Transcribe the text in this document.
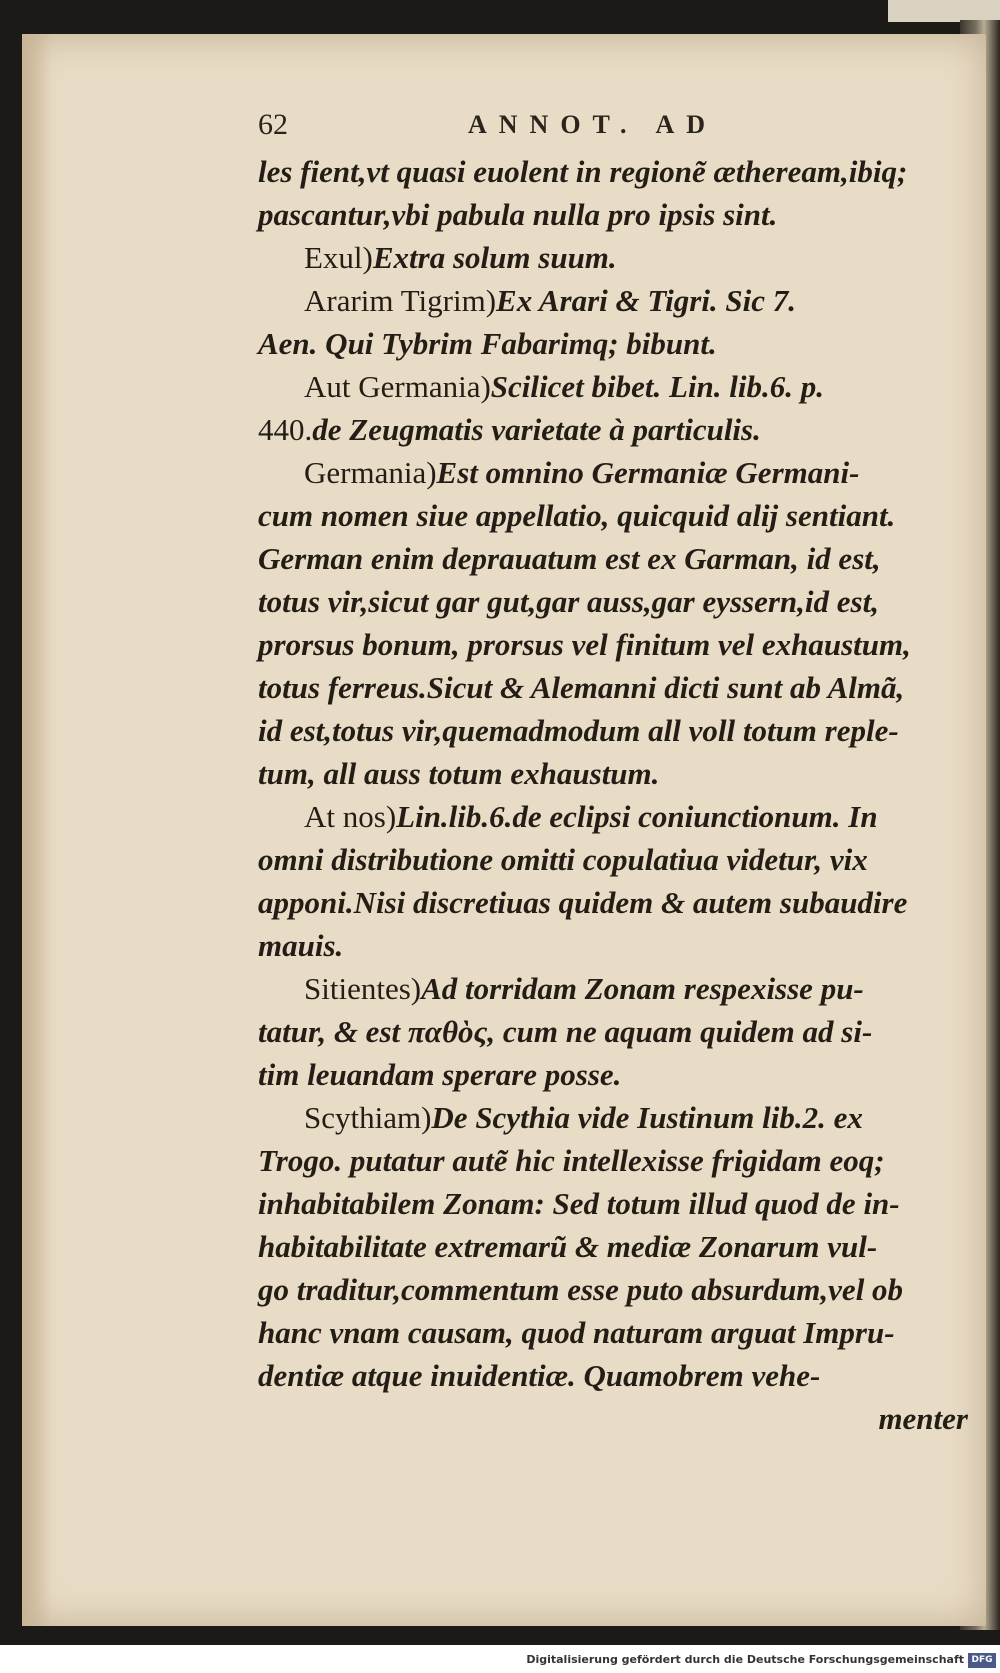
62	ANNOT. AD
les fient,vt quasi euolent in regionẽ ætheream,ibiq;
pascantur,vbi pabula nulla pro ipsis sint.
Exul)Extra solum suum.
Ararim Tigrim)Ex Arari & Tigri. Sic 7.
Aen. Qui Tybrim Fabarimq; bibunt.
Aut Germania)Scilicet bibet. Lin. lib.6. p.
440.de Zeugmatis varietate à particulis.
Germania)Est omnino Germaniæ Germani-
cum nomen siue appellatio, quicquid alij sentiant.
German enim deprauatum est ex Garman, id est,
totus vir,sicut gar gut,gar auss,gar eyssern,id est,
prorsus bonum, prorsus vel finitum vel exhaustum,
totus ferreus.Sicut & Alemanni dicti sunt ab Almã,
id est,totus vir,quemadmodum all voll totum reple-
tum, all auss totum exhaustum.
At nos)Lin.lib.6.de eclipsi coniunctionum. In
omni distributione omitti copulatiua videtur, vix
apponi.Nisi discretiuas quidem & autem subaudire
mauis.
Sitientes)Ad torridam Zonam respexisse pu-
tatur, & est παθὸς, cum ne aquam quidem ad si-
tim leuandam sperare posse.
Scythiam)De Scythia vide Iustinum lib.2. ex
Trogo. putatur autẽ hic intellexisse frigidam eoq;
inhabitabilem Zonam: Sed totum illud quod de in-
habitabilitate extremarũ & mediæ Zonarum vul-
go traditur,commentum esse puto absurdum,vel ob
hanc vnam causam, quod naturam arguat Impru-
dentiæ atque inuidentiæ. Quamobrem vehe-
menter
Digitalisierung gefördert durch die Deutsche Forschungsgemeinschaft DFG
